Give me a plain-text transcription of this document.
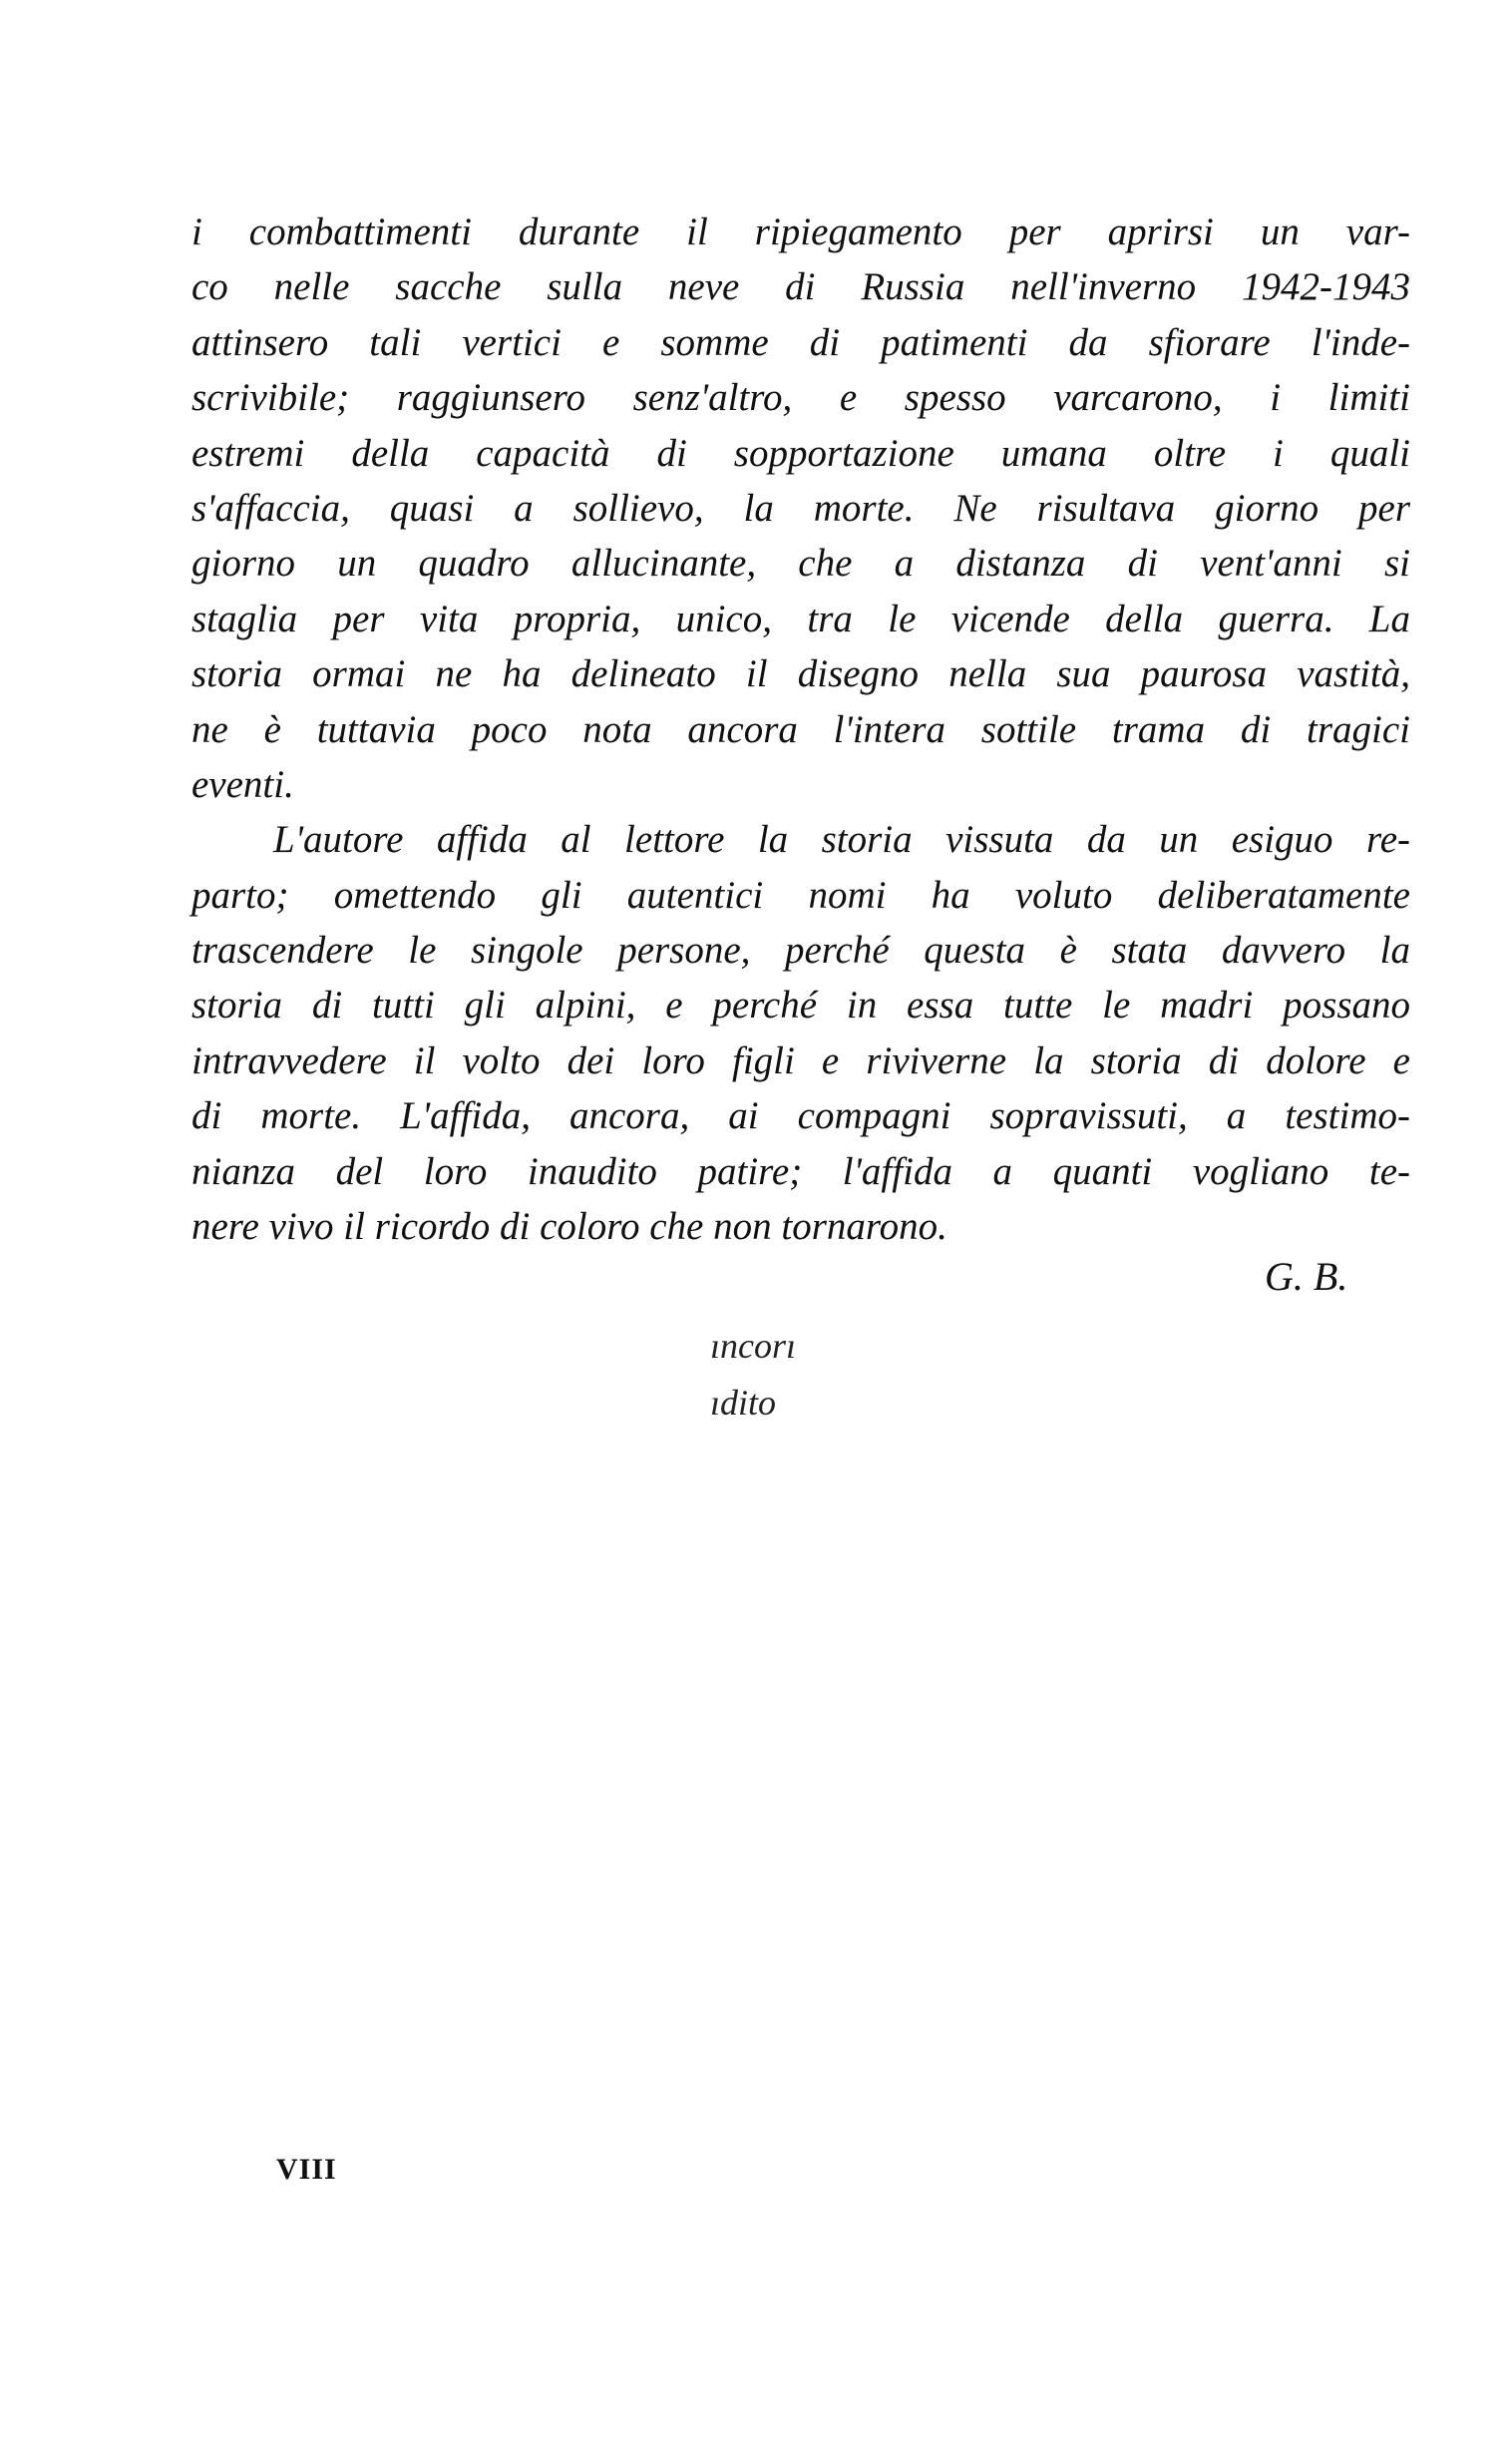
i combattimenti durante il ripiegamento per aprirsi un var-
co nelle sacche sulla neve di Russia nell'inverno 1942-1943
attinsero tali vertici e somme di patimenti da sfiorare l'inde-
scrivibile; raggiunsero senz'altro, e spesso varcarono, i limiti
estremi della capacità di sopportazione umana oltre i quali
s'affaccia, quasi a sollievo, la morte. Ne risultava giorno per
giorno un quadro allucinante, che a distanza di vent'anni si
staglia per vita propria, unico, tra le vicende della guerra. La
storia ormai ne ha delineato il disegno nella sua paurosa vastità,
ne è tuttavia poco nota ancora l'intera sottile trama di tragici
eventi.
L'autore affida al lettore la storia vissuta da un esiguo re-
parto; omettendo gli autentici nomi ha voluto deliberatamente
trascendere le singole persone, perché questa è stata davvero la
storia di tutti gli alpini, e perché in essa tutte le madri possano
intravvedere il volto dei loro figli e riviverne la storia di dolore e
di morte. L'affida, ancora, ai compagni sopravissuti, a testimo-
nianza del loro inaudito patire; l'affida a quanti vogliano te-
nere vivo il ricordo di coloro che non tornarono.
G. B.
ıncorı
ıdito
VIII
